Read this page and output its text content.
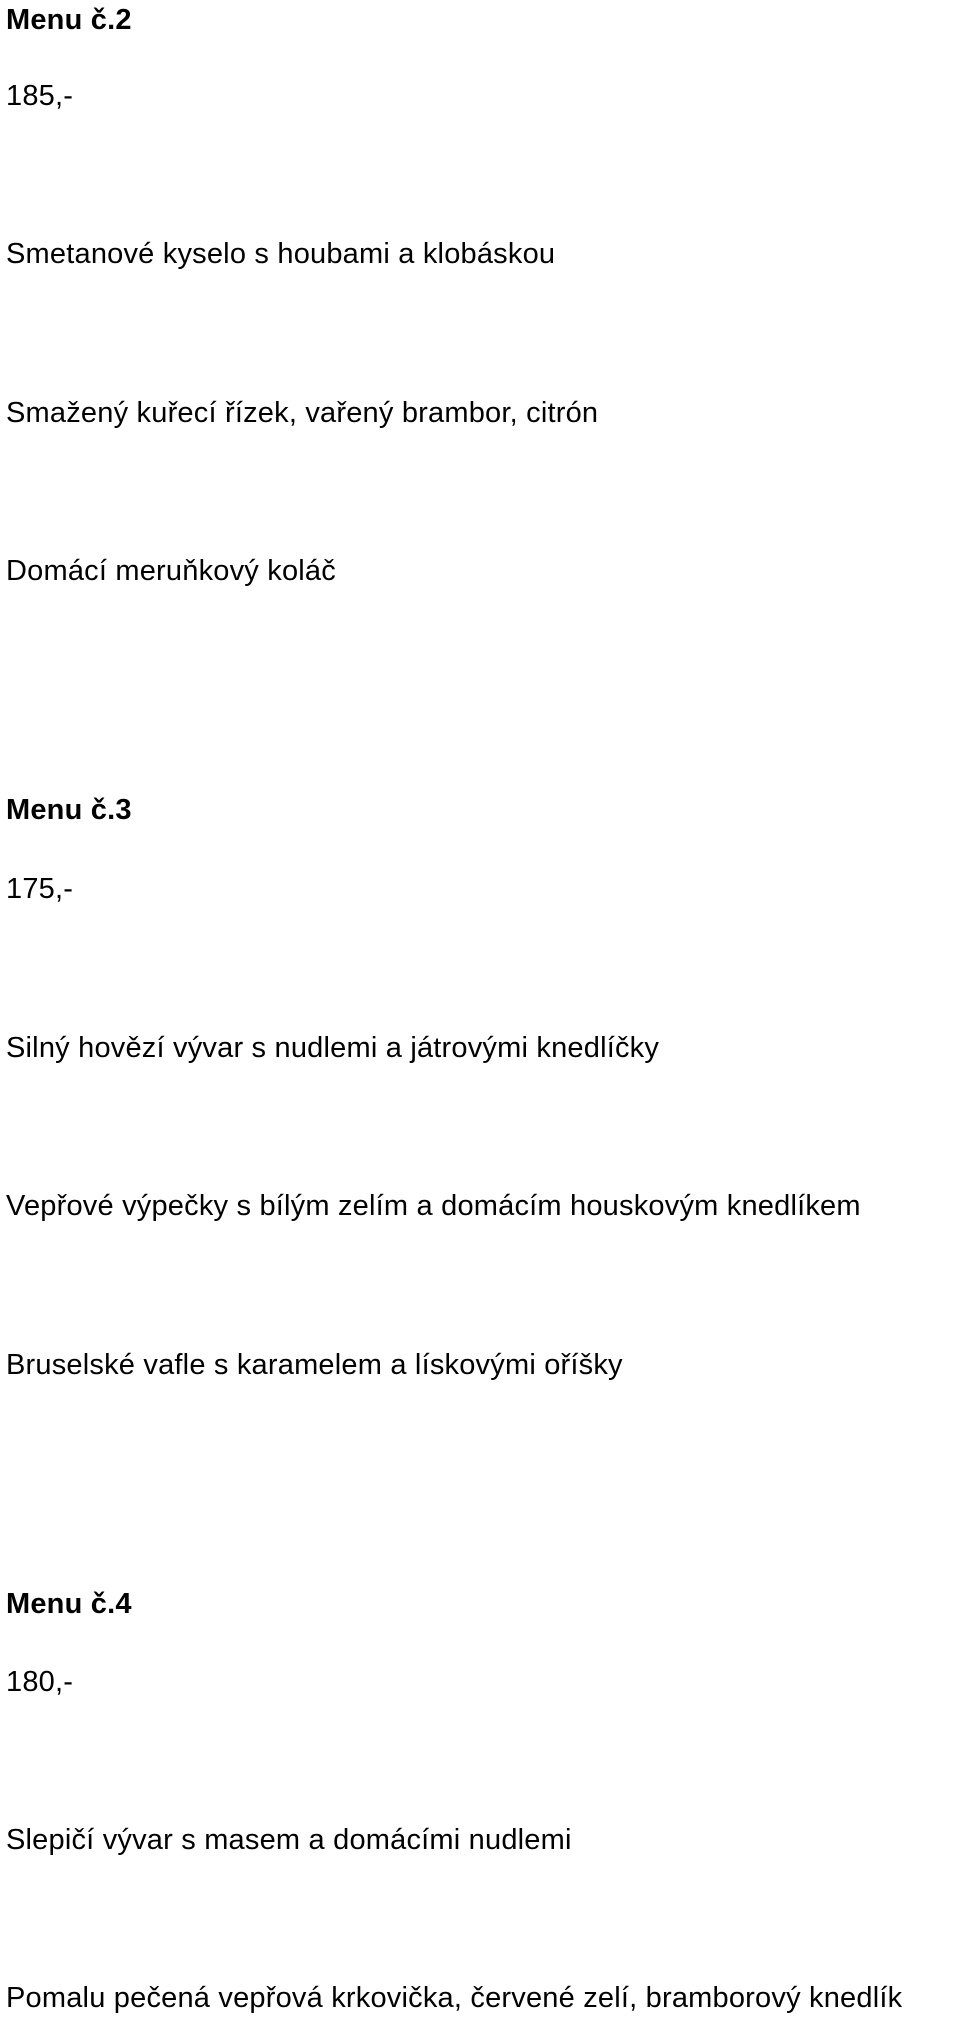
Menu č.2
185,-
Smetanové kyselo s houbami a klobáskou
Smažený kuřecí řízek, vařený brambor, citrón
Domácí meruňkový koláč
Menu č.3
175,-
Silný hovězí vývar s nudlemi a játrovými knedlíčky
Vepřové výpečky s bílým zelím a domácím houskovým knedlíkem
Bruselské vafle s karamelem a lískovými oříšky
Menu č.4
180,-
Slepičí vývar s masem a domácími nudlemi
Pomalu pečená vepřová krkovička, červené zelí, bramborový knedlík
